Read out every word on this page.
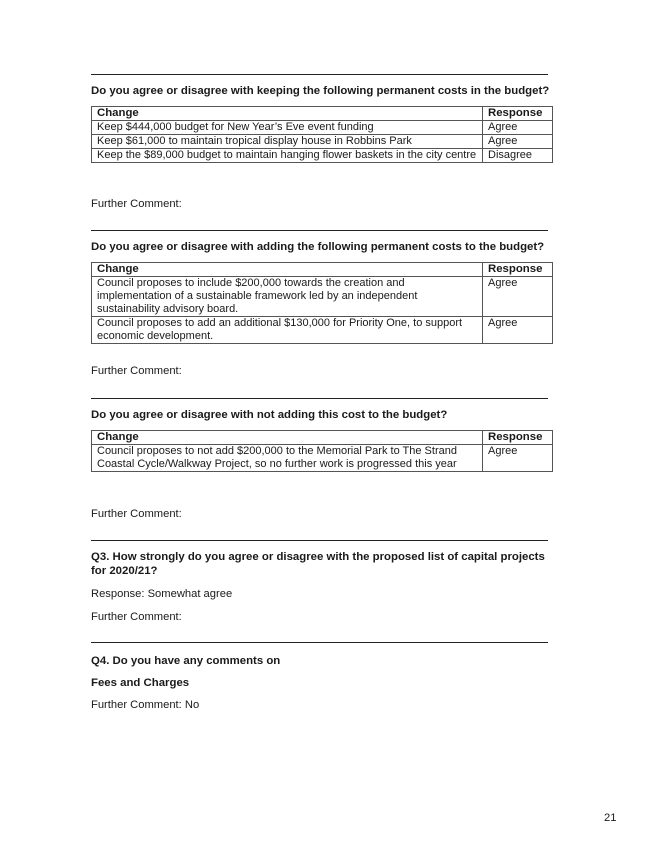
Do you agree or disagree with keeping the following permanent costs in the budget?
Change	Response
Keep $444,000 budget for New Year’s Eve event funding	Agree
Keep $61,000 to maintain tropical display house in Robbins Park	Agree
Keep the $89,000 budget to maintain hanging flower baskets in the city centre	Disagree
Further Comment:
Do you agree or disagree with adding the following permanent costs to the budget?
Change	Response
Council proposes to include $200,000 towards the creation and implementation of a sustainable framework led by an independent sustainability advisory board.	Agree
Council proposes to add an additional $130,000 for Priority One, to support economic development.	Agree
Further Comment:
Do you agree or disagree with not adding this cost to the budget?
Change	Response
Council proposes to not add $200,000 to the Memorial Park to The Strand Coastal Cycle/Walkway Project, so no further work is progressed this year	Agree
Further Comment:
Q3. How strongly do you agree or disagree with the proposed list of capital projects for 2020/21?
Response: Somewhat agree
Further Comment:
Q4. Do you have any comments on
Fees and Charges
Further Comment: No
21
